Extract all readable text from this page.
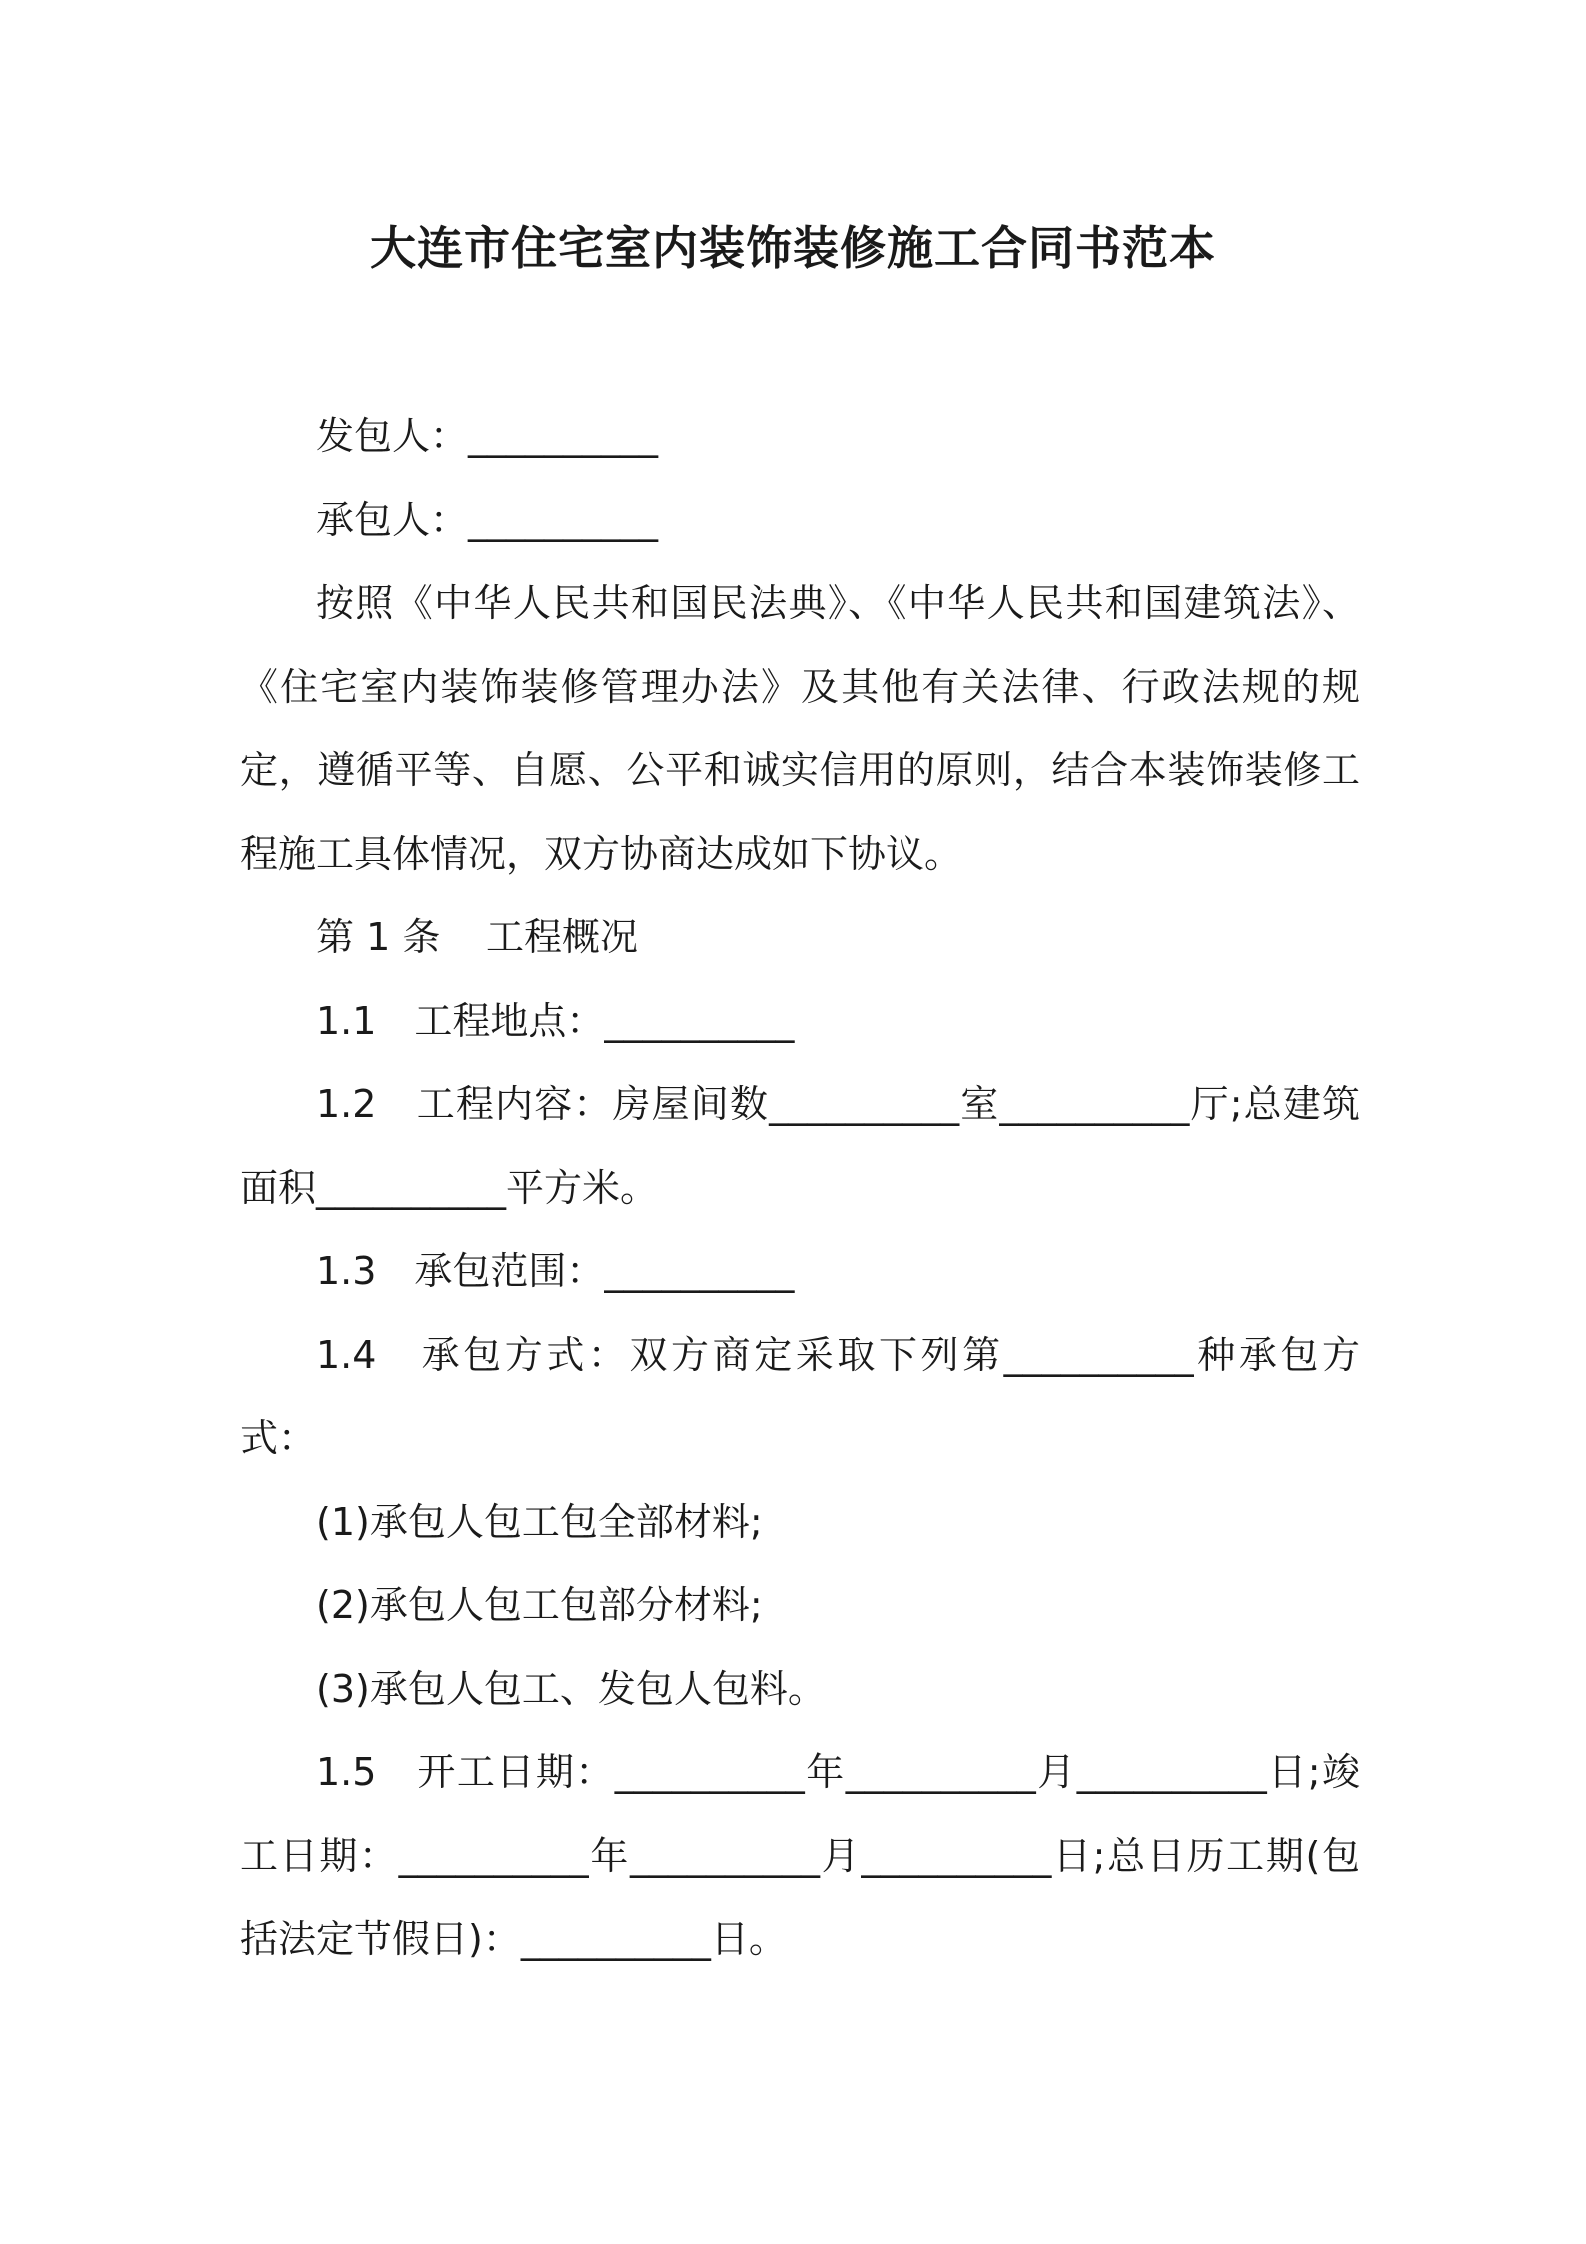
大连市住宅室内装饰装修施工合同书范本

发包人：__________

承包人：__________

按照《中华人民共和国民法典》、《中华人民共和国建筑法》、《住宅室内装饰装修管理办法》及其他有关法律、行政法规的规定，遵循平等、自愿、公平和诚实信用的原则，结合本装饰装修工程施工具体情况，双方协商达成如下协议。

第 1 条 工程概况

1.1　工程地点：__________

1.2　工程内容：房屋间数__________室__________厅;总建筑面积__________平方米。

1.3　承包范围：__________

1.4　承包方式：双方商定采取下列第__________种承包方式：

(1)承包人包工包全部材料;

(2)承包人包工包部分材料;

(3)承包人包工、发包人包料。

1.5　开工日期：__________年__________月__________日;竣工日期：__________年__________月__________日;总日历工期(包括法定节假日)：__________日。
